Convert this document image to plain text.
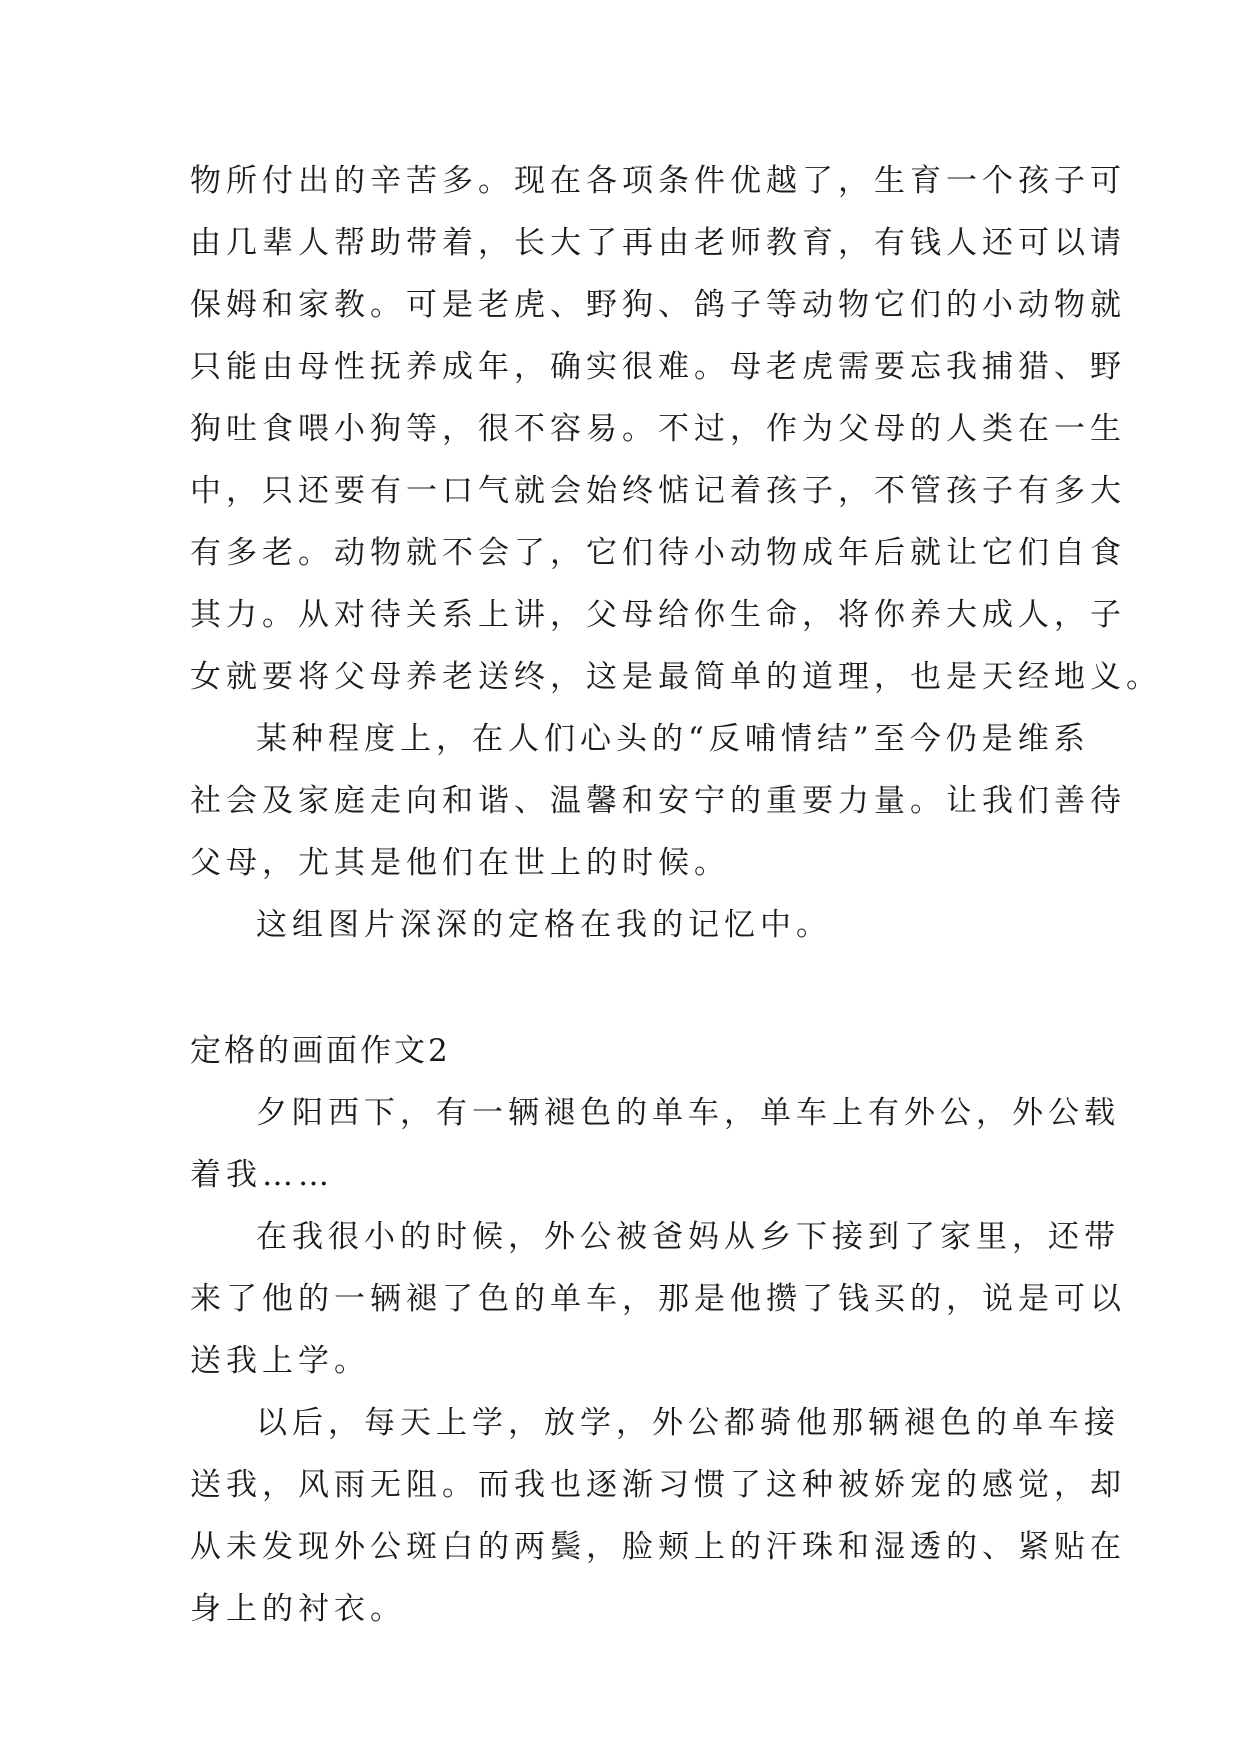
物所付出的辛苦多。现在各项条件优越了，生育一个孩子可
由几辈人帮助带着，长大了再由老师教育，有钱人还可以请
保姆和家教。可是老虎、野狗、鸽子等动物它们的小动物就
只能由母性抚养成年，确实很难。母老虎需要忘我捕猎、野
狗吐食喂小狗等，很不容易。不过，作为父母的人类在一生
中，只还要有一口气就会始终惦记着孩子，不管孩子有多大
有多老。动物就不会了，它们待小动物成年后就让它们自食
其力。从对待关系上讲，父母给你生命，将你养大成人，子
女就要将父母养老送终，这是最简单的道理，也是天经地义。
某种程度上，在人们心头的“反哺情结”至今仍是维系
社会及家庭走向和谐、温馨和安宁的重要力量。让我们善待
父母，尤其是他们在世上的时候。
这组图片深深的定格在我的记忆中。
定格的画面作文2
夕阳西下，有一辆褪色的单车，单车上有外公，外公载
着我……
在我很小的时候，外公被爸妈从乡下接到了家里，还带
来了他的一辆褪了色的单车，那是他攒了钱买的，说是可以
送我上学。
以后，每天上学，放学，外公都骑他那辆褪色的单车接
送我，风雨无阻。而我也逐渐习惯了这种被娇宠的感觉，却
从未发现外公斑白的两鬓，脸颊上的汗珠和湿透的、紧贴在
身上的衬衣。
